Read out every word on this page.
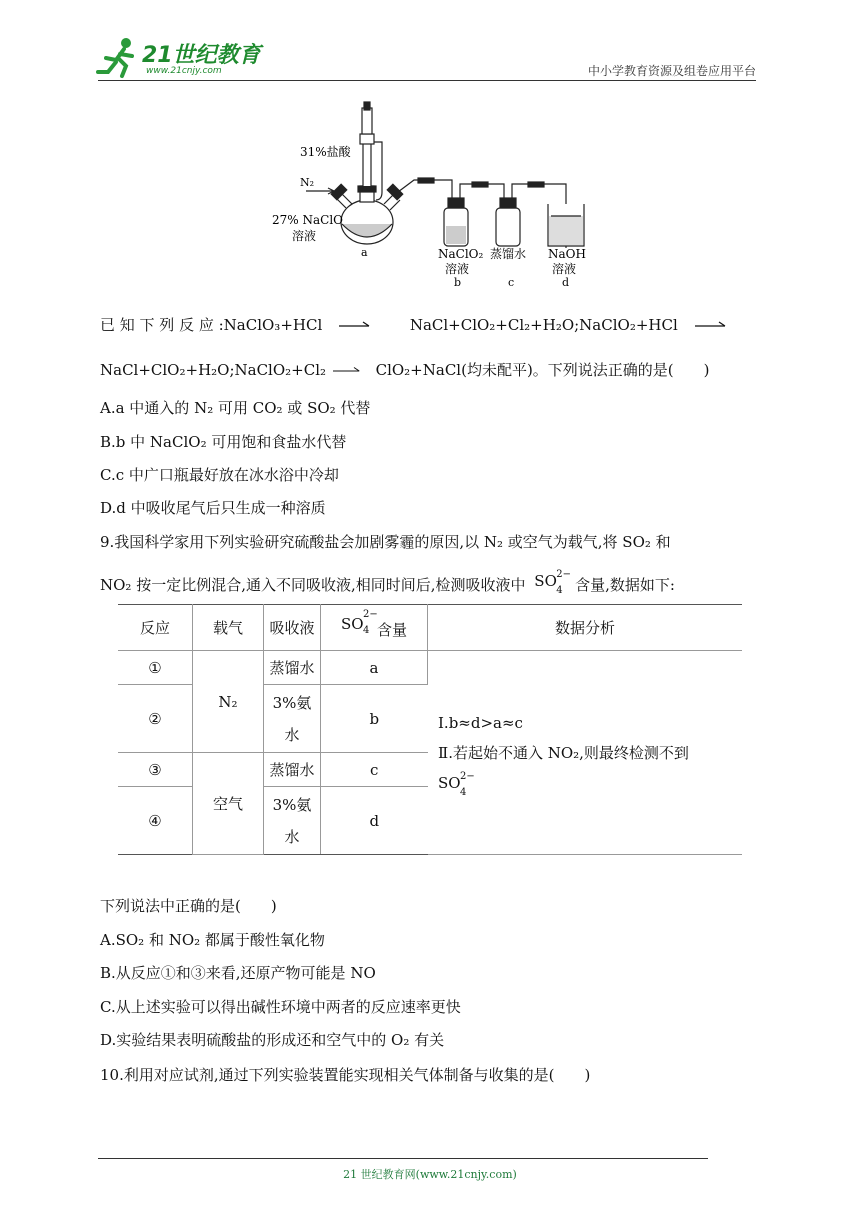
21世纪教育
www.21cnjy.com	中小学教育资源及组卷应用平台
31%盐酸
N₂
27% NaClO
溶液
a	NaClO₂
溶液
b
蒸馏水
c
NaOH
溶液
d
已 知 下 列 反 应 :NaClO₃+HCl →	NaCl+ClO₂+Cl₂+H₂O;NaClO₂+HCl →
NaCl+ClO₂+H₂O;NaClO₂+Cl₂ → ClO₂+NaCl(均未配平)。下列说法正确的是(　　)
A.a 中通入的 N₂ 可用 CO₂ 或 SO₂ 代替
B.b 中 NaClO₂ 可用饱和食盐水代替
C.c 中广口瓶最好放在冰水浴中冷却
D.d 中吸收尾气后只生成一种溶质
9.我国科学家用下列实验研究硫酸盐会加剧雾霾的原因,以 N₂ 或空气为载气,将 SO₂ 和
NO₂ 按一定比例混合,通入不同吸收液,相同时间后,检测吸收液中 SO 2−
4 含量,数据如下:
反应	载气	吸收液	SO
2−
4 含量	数据分析
①	N₂	蒸馏水	a	Ⅰ.b≈d>a≈c
Ⅱ.若起始不通入 NO₂,则最终检测不到
SO 2−
4

②		3%氨
水	b	
③	空气	蒸馏水	c	
④		3%氨
水	d	
下列说法中正确的是(　　)
A.SO₂ 和 NO₂ 都属于酸性氧化物
B.从反应①和③来看,还原产物可能是 NO
C.从上述实验可以得出碱性环境中两者的反应速率更快
D.实验结果表明硫酸盐的形成还和空气中的 O₂ 有关
10.利用对应试剂,通过下列实验装置能实现相关气体制备与收集的是(　　)
21 世纪教育网(www.21cnjy.com)
